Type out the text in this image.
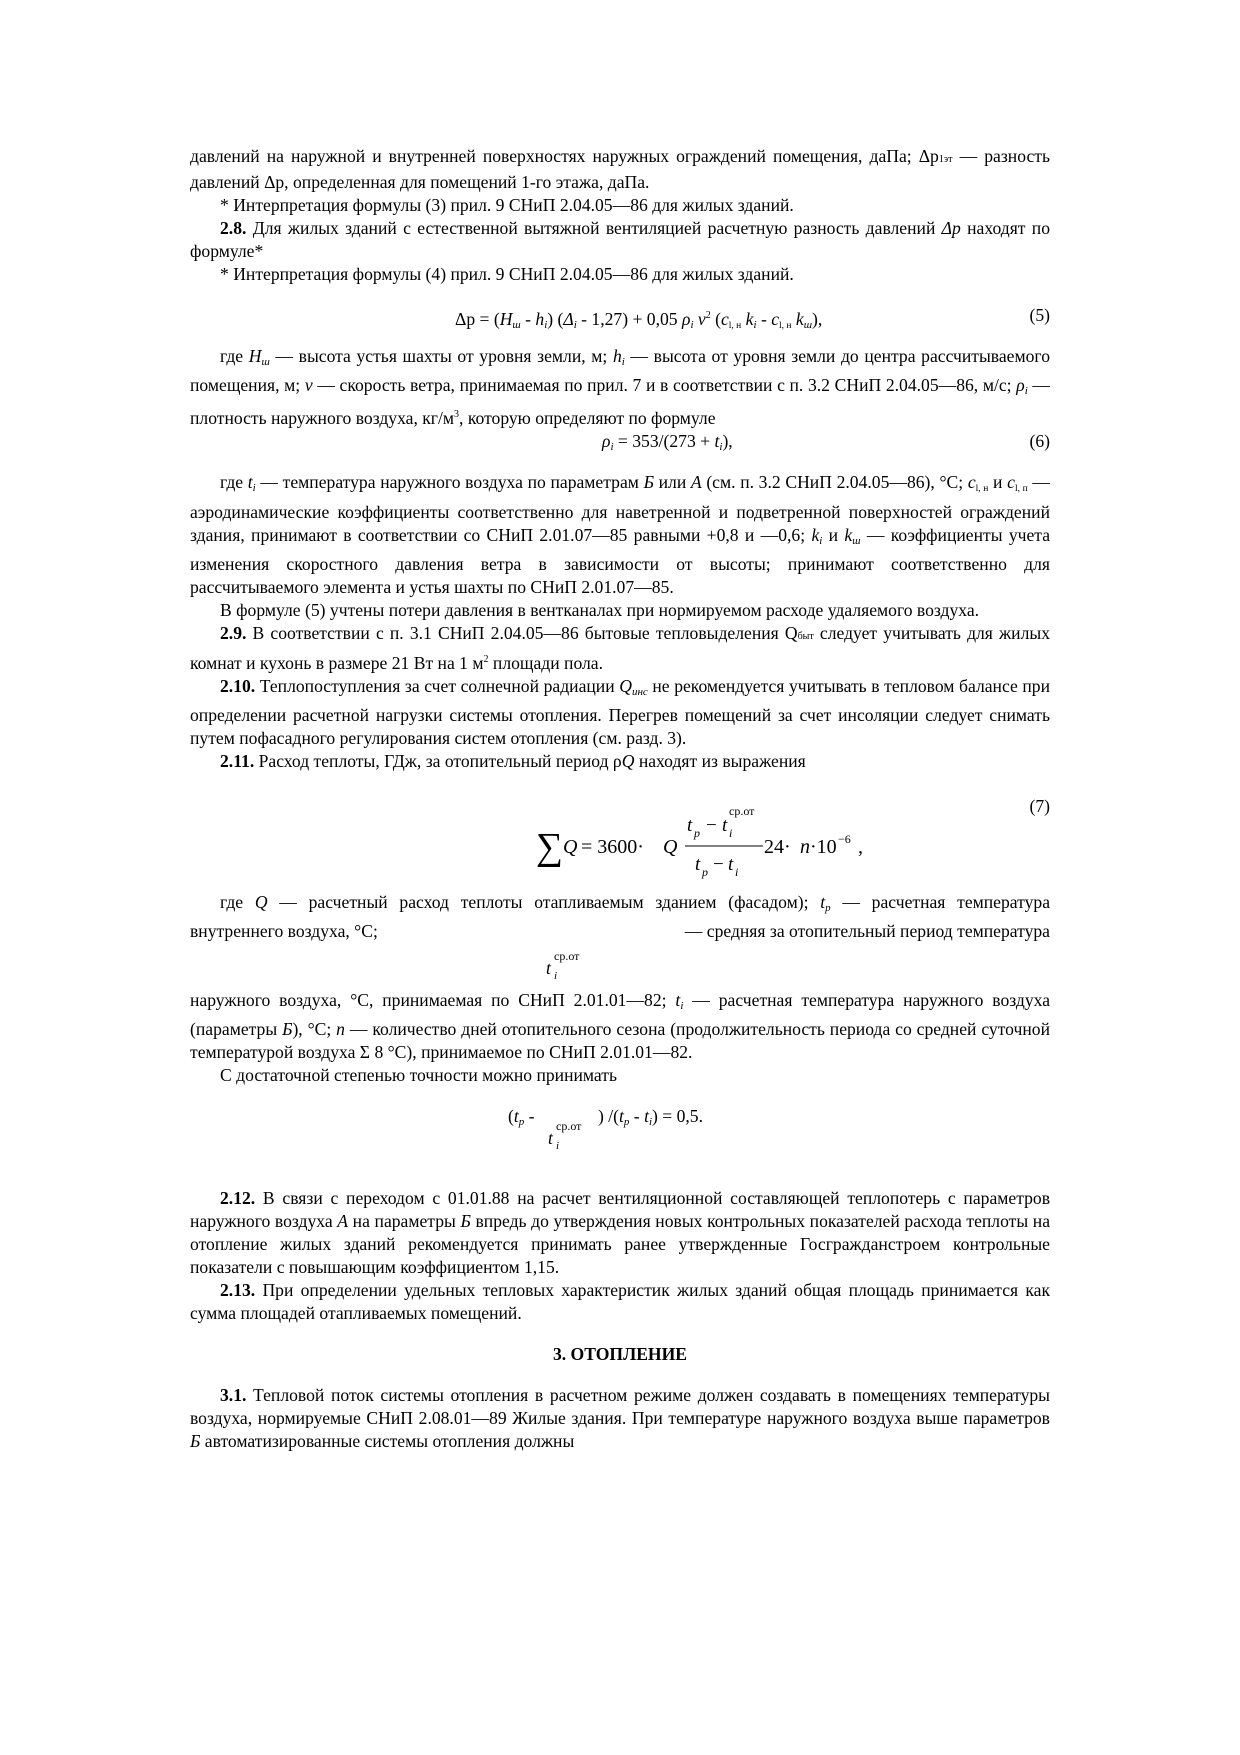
давлений на наружной и внутренней поверхностях наружных ограждений помещения, даПа; Δр1эт — разность давлений Δр, определенная для помещений 1-го этажа, даПа.

* Интерпретация формулы (3) прил. 9 СНиП 2.04.05—86 для жилых зданий.

2.8. Для жилых зданий с естественной вытяжной вентиляцией расчетную разность давлений Δр находят по формуле*

* Интерпретация формулы (4) прил. 9 СНиП 2.04.05—86 для жилых зданий.

$\Delta р = (H_ш - h_i)$ $(\Delta_i - 1,27) + 0,05$ $\rho_i$ $v^2$ (cl, н $k_i$ - cl, н $k_ш$),	(5)

где $H_ш$ — высота устья шахты от уровня земли, м; $h_i$ — высота от уровня земли до центра рассчитываемого помещения, м; v — скорость ветра, принимаемая по прил. 7 и в соответствии с п. 3.2 СНиП 2.04.05—86, м/с; $\rho_i$ — плотность наружного воздуха, $кг/м^3$, которую определяют по формуле

$\rho_i = 353/(273 + t_i)$,	(6)

где $t_i$ — температура наружного воздуха по параметрам Б или А (см. п. 3.2 СНиП 2.04.05—86), °С; cl, н и cl, п — аэродинамические коэффициенты соответственно для наветренной и подветренной поверхностей ограждений здания, принимают в соответствии со СНиП 2.01.07—85 равными +0,8 и —0,6; $k_i$ и $k_ш$ — коэффициенты учета изменения скоростного давления ветра в зависимости от высоты; принимают соответственно для рассчитываемого элемента и устья шахты по СНиП 2.01.07—85.

В формуле (5) учтены потери давления в вентканалах при нормируемом расходе удаляемого воздуха.

2.9. В соответствии с п. 3.1 СНиП 2.04.05—86 бытовые тепловыделения Qбыт следует учитывать для жилых комнат и кухонь в размере 21 Вт на 1 $м^2$ площади пола.

2.10. Теплопоступления за счет солнечной радиации $Q_{инс}$ не рекомендуется учитывать в тепловом балансе при определении расчетной нагрузки системы отопления. Перегрев помещений за счет инсоляции следует снимать путем пофасадного регулирования систем отопления (см. разд. 3).

2.11. Расход теплоты, ГДж, за отопительный период ρQ находят из выражения

(7)
∑ Q = 3600· Q
t p − t i
ср.от
t p − t i
24· n ·10 −6 ,

где Q — расчетный расход теплоты отапливаемым зданием (фасадом); $t_p$ — расчетная температура внутреннего воздуха, °С;

t
ср.от
i
— средняя за отопительный период температура

наружного воздуха, °С, принимаемая по СНиП 2.01.01—82; $t_i$ — расчетная температура наружного воздуха (параметры Б), °С; n — количество дней отопительного сезона (продолжительность периода со средней суточной температурой воздуха Σ 8 °С), принимаемое по СНиП 2.01.01—82.

С достаточной степенью точности можно принимать

($t_p$ -
t
ср.от
i
) $/(t_p - t_i) = 0,5$.

2.12. В связи с переходом с 01.01.88 на расчет вентиляционной составляющей теплопотерь с параметров наружного воздуха А на параметры Б впредь до утверждения новых контрольных показателей расхода теплоты на отопление жилых зданий рекомендуется принимать ранее утвержденные Госгражданстроем контрольные показатели с повышающим коэффициентом 1,15.

2.13. При определении удельных тепловых характеристик жилых зданий общая площадь принимается как сумма площадей отапливаемых помещений.

3. ОТОПЛЕНИЕ

3.1. Тепловой поток системы отопления в расчетном режиме должен создавать в помещениях температуры воздуха, нормируемые СНиП 2.08.01—89 Жилые здания. При температуре наружного воздуха выше параметров Б автоматизированные системы отопления должны
